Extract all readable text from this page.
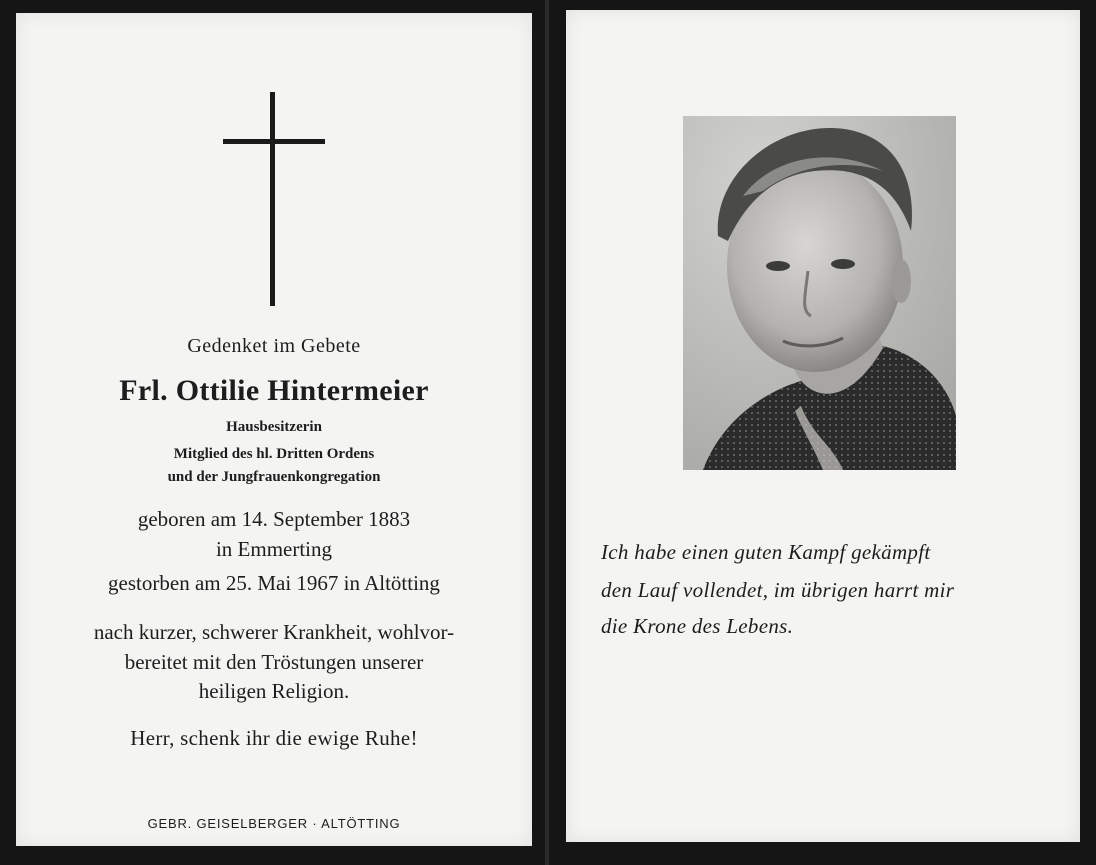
Gedenket im Gebete
Frl. Ottilie Hintermeier
Hausbesitzerin
Mitglied des hl. Dritten Ordens
und der Jungfrauenkongregation
geboren am 14. September 1883
in Emmerting
gestorben am 25. Mai 1967 in Altötting
nach kurzer, schwerer Krankheit, wohlvor-
bereitet mit den Tröstungen unserer
heiligen Religion.
Herr, schenk ihr die ewige Ruhe!
GEBR. GEISELBERGER · ALTÖTTING
Ich habe einen guten Kampf gekämpft
den Lauf vollendet, im übrigen harrt mir
die Krone des Lebens.
